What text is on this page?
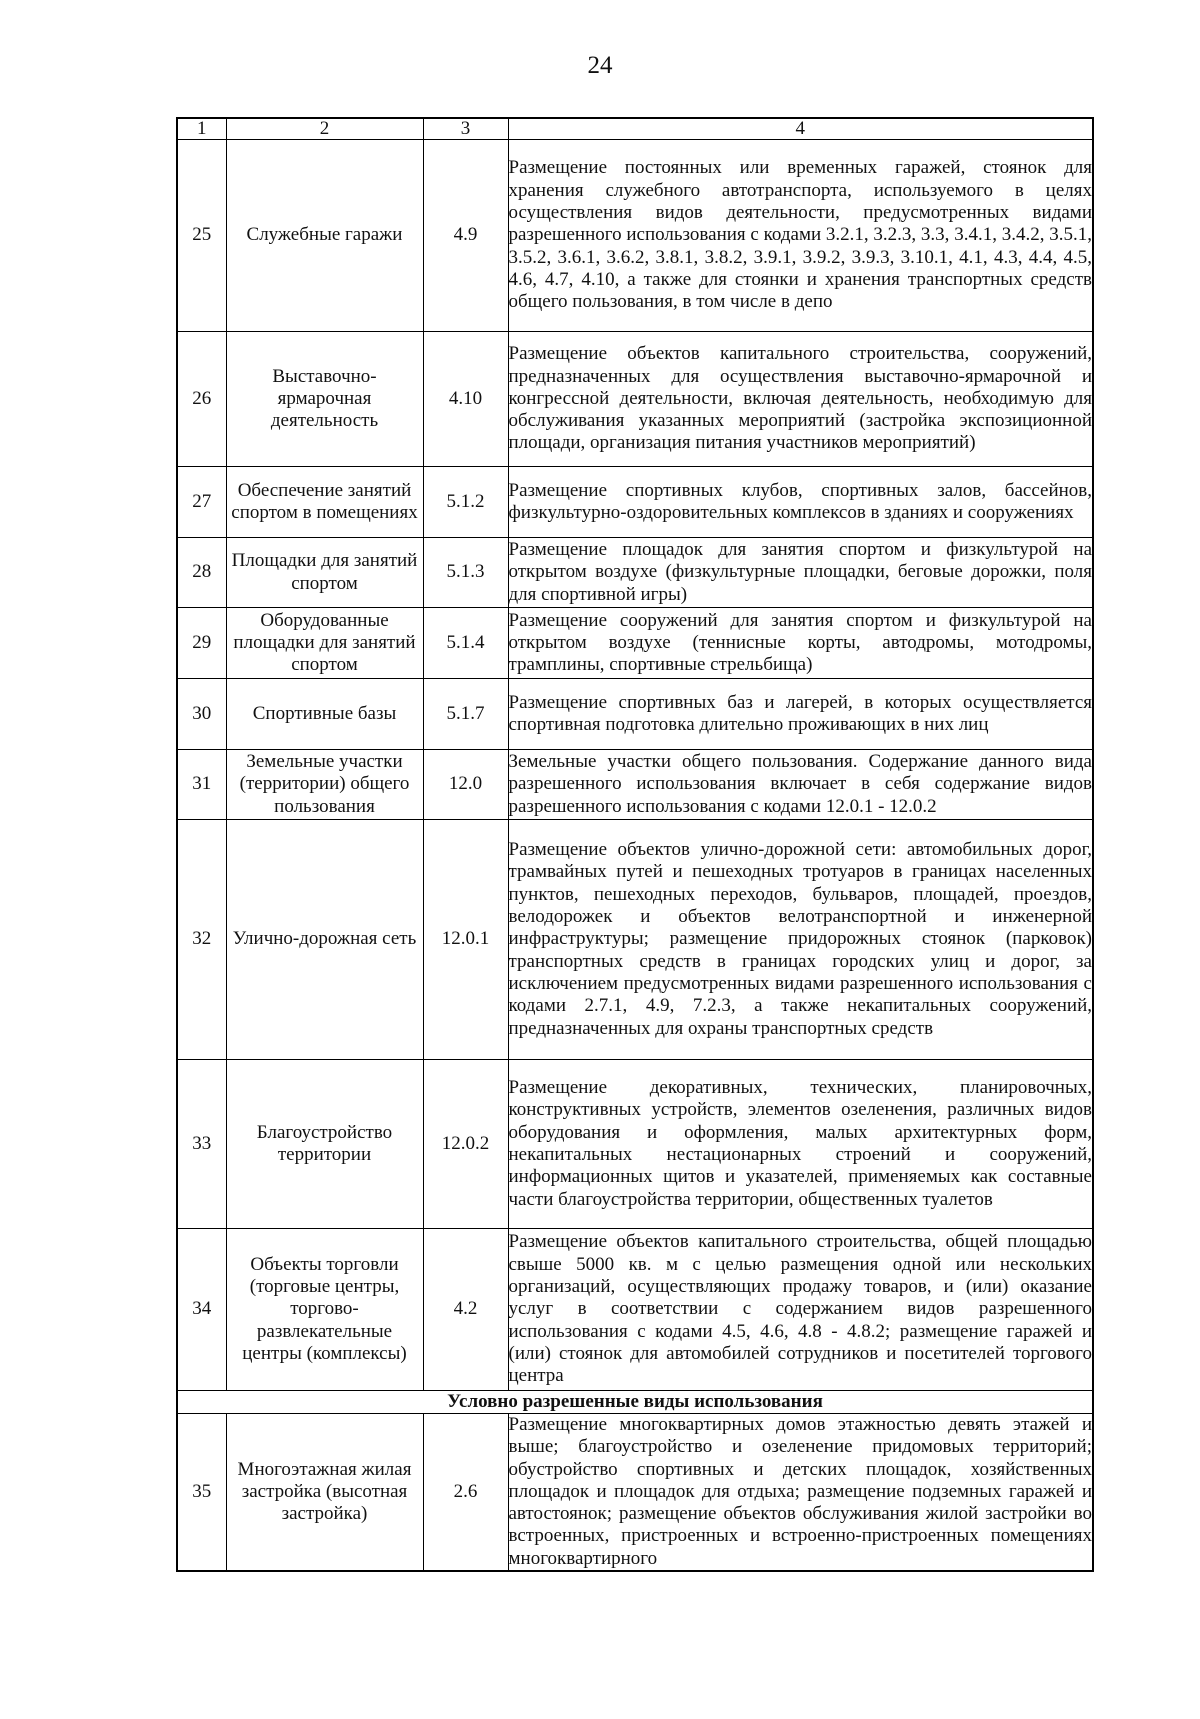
24
1	2	3	4
25	Служебные гаражи	4.9	Размещение постоянных или временных гаражей, стоянок для хранения служебного автотранспорта, используемого в целях осуществления видов деятельности, предусмотренных видами разрешенного использования с кодами 3.2.1, 3.2.3, 3.3, 3.4.1, 3.4.2, 3.5.1, 3.5.2, 3.6.1, 3.6.2, 3.8.1, 3.8.2, 3.9.1, 3.9.2, 3.9.3, 3.10.1, 4.1, 4.3, 4.4, 4.5, 4.6, 4.7, 4.10, а также для стоянки и хранения транспортных средств общего пользования, в том числе в депо
26	Выставочно-ярмарочная деятельность	4.10	Размещение объектов капитального строительства, сооружений, предназначенных для осуществления выставочно-ярмарочной и конгрессной деятельности, включая деятельность, необходимую для обслуживания указанных мероприятий (застройка экспозиционной площади, организация питания участников мероприятий)
27	Обеспечение занятий спортом в помещениях	5.1.2	Размещение спортивных клубов, спортивных залов, бассейнов, физкультурно-оздоровительных комплексов в зданиях и сооружениях
28	Площадки для занятий спортом	5.1.3	Размещение площадок для занятия спортом и физкультурой на открытом воздухе (физкультурные площадки, беговые дорожки, поля для спортивной игры)
29	Оборудованные площадки для занятий спортом	5.1.4	Размещение сооружений для занятия спортом и физкультурой на открытом воздухе (теннисные корты, автодромы, мотодромы, трамплины, спортивные стрельбища)
30	Спортивные базы	5.1.7	Размещение спортивных баз и лагерей, в которых осуществляется спортивная подготовка длительно проживающих в них лиц
31	Земельные участки (территории) общего пользования	12.0	Земельные участки общего пользования. Содержание данного вида разрешенного использования включает в себя содержание видов разрешенного использования с кодами 12.0.1 - 12.0.2
32	Улично-дорожная сеть	12.0.1	Размещение объектов улично-дорожной сети: автомобильных дорог, трамвайных путей и пешеходных тротуаров в границах населенных пунктов, пешеходных переходов, бульваров, площадей, проездов, велодорожек и объектов велотранспортной и инженерной инфраструктуры; размещение придорожных стоянок (парковок) транспортных средств в границах городских улиц и дорог, за исключением предусмотренных видами разрешенного использования с кодами 2.7.1, 4.9, 7.2.3, а также некапитальных сооружений, предназначенных для охраны транспортных средств
33	Благоустройство территории	12.0.2	Размещение декоративных, технических, планировочных, конструктивных устройств, элементов озеленения, различных видов оборудования и оформления, малых архитектурных форм, некапитальных нестационарных строений и сооружений, информационных щитов и указателей, применяемых как составные части благоустройства территории, общественных туалетов
34	Объекты торговли (торговые центры, торгово-развлекательные центры (комплексы)	4.2	Размещение объектов капитального строительства, общей площадью свыше 5000 кв. м с целью размещения одной или нескольких организаций, осуществляющих продажу товаров, и (или) оказание услуг в соответствии с содержанием видов разрешенного использования с кодами 4.5, 4.6, 4.8 - 4.8.2; размещение гаражей и (или) стоянок для автомобилей сотрудников и посетителей торгового центра
Условно разрешенные виды использования			
35	Многоэтажная жилая застройка (высотная застройка)	2.6	Размещение многоквартирных домов этажностью девять этажей и выше; благоустройство и озеленение придомовых территорий; обустройство спортивных и детских площадок, хозяйственных площадок и площадок для отдыха; размещение подземных гаражей и автостоянок; размещение объектов обслуживания жилой застройки во встроенных, пристроенных и встроенно-пристроенных помещениях многоквартирного
